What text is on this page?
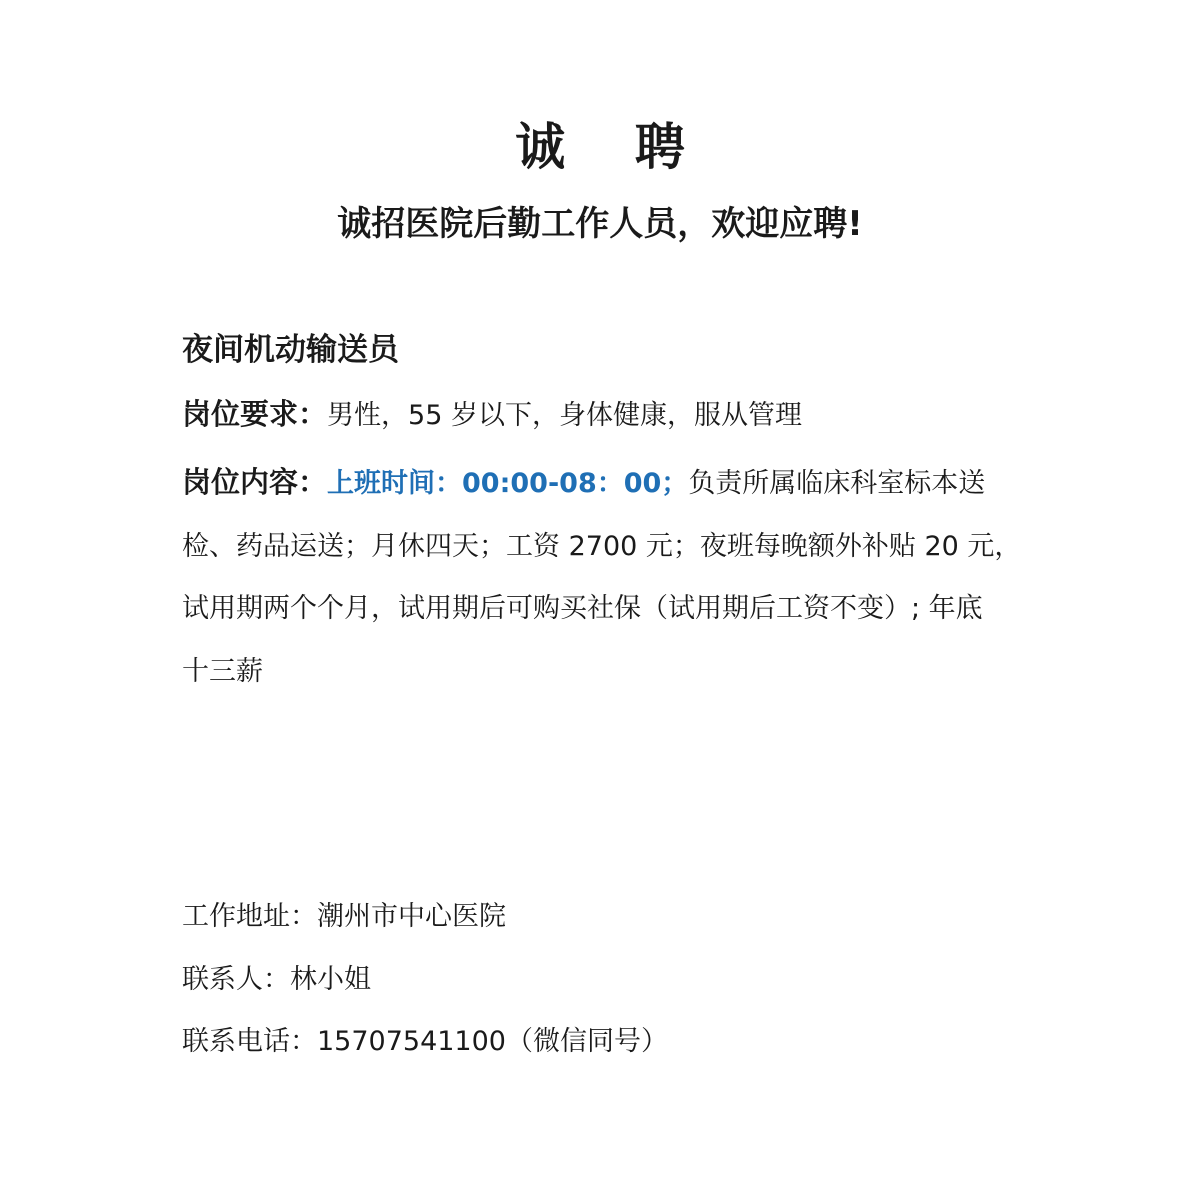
诚 聘
诚招医院后勤工作人员，欢迎应聘!
夜间机动输送员
岗位要求：男性，55 岁以下，身体健康，服从管理
岗位内容：上班时间：00:00-08：00；负责所属临床科室标本送
检、药品运送；月休四天；工资 2700 元；夜班每晚额外补贴 20 元，
试用期两个个月，试用期后可购买社保（试用期后工资不变）; 年底
十三薪
工作地址：潮州市中心医院
联系人：林小姐
联系电话：15707541100（微信同号）
